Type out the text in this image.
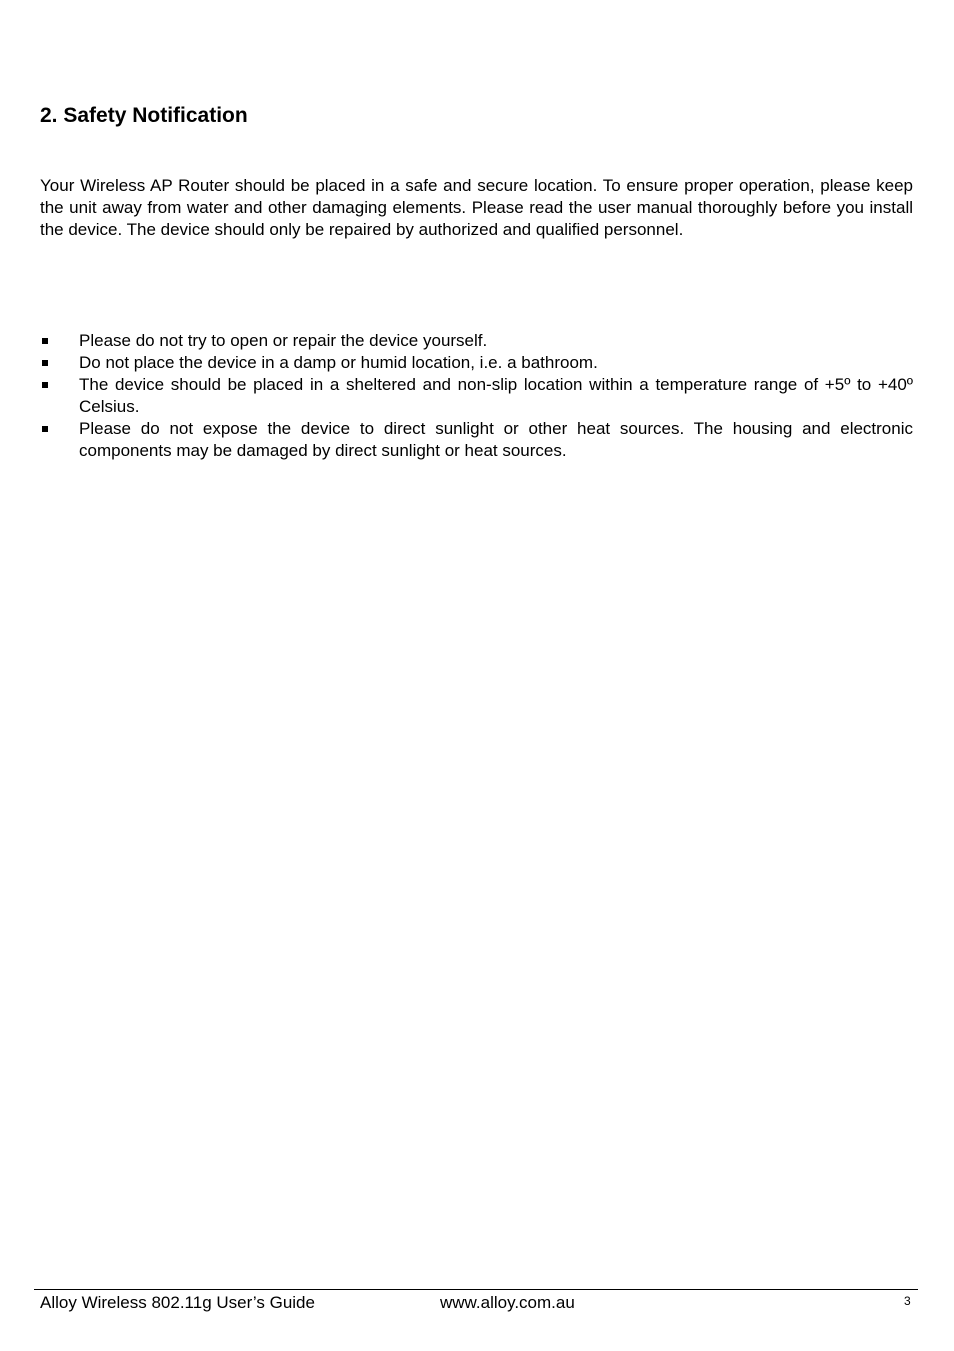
2. Safety Notification

Your Wireless AP Router should be placed in a safe and secure location. To ensure proper operation, please keep the unit away from water and other damaging elements. Please read the user manual thoroughly before you install the device. The device should only be repaired by authorized and qualified personnel.

Please do not try to open or repair the device yourself.
Do not place the device in a damp or humid location, i.e. a bathroom.
The device should be placed in a sheltered and non-slip location within a temperature range of +5º to +40º Celsius.
Please do not expose the device to direct sunlight or other heat sources. The housing and electronic components may be damaged by direct sunlight or heat sources.
Alloy Wireless 802.11g User’s Guide	www.alloy.com.au	3
